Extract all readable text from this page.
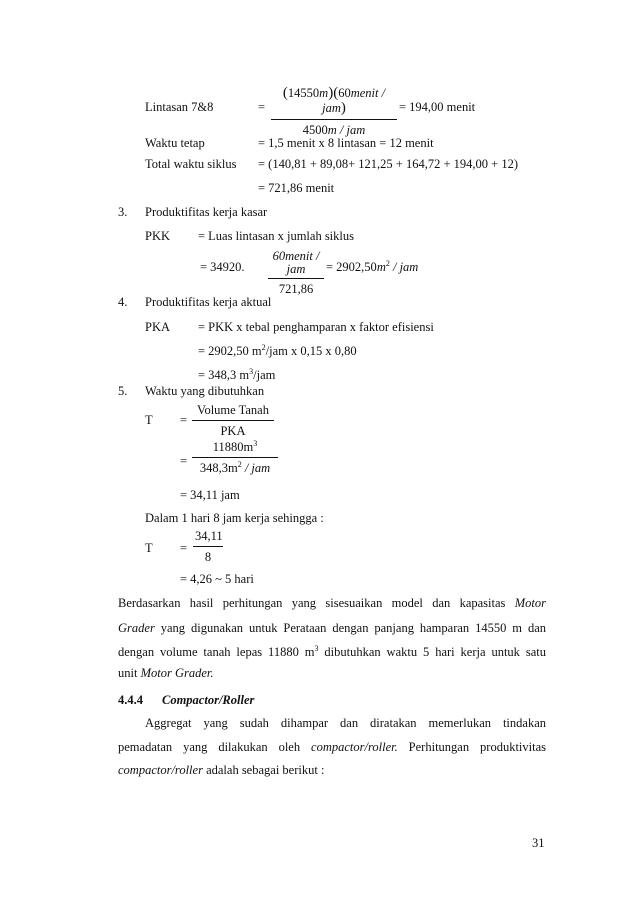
Lintasan 7&8	=
(14550m)(60menit / jam)
4500m / jam
= 194,00 menit
Waktu tetap	= 1,5 menit x 8 lintasan = 12 menit
Total waktu siklus = (140,81 + 89,08+ 121,25 + 164,72 + 194,00 + 12)
= 721,86 menit
3. Produktifitas kerja kasar
PKK = Luas lintasan x jumlah siklus
= 34920.
60menit / jam
721,86
= $2902,50m^2$ / jam
4. Produktifitas kerja aktual
PKA = PKK x tebal penghamparan x faktor efisiensi
= 2902,50 $m^2$/jam x 0,15 x 0,80
= 348,3 $m^3$/jam
5. Waktu yang dibutuhkan
T =
Volume Tanah
PKA
=
$11880m^3$
$348,3m^2$ / jam
= 34,11 jam
Dalam 1 hari 8 jam kerja sehingga :
T =
34,11
8
= 4,26 ~ 5 hari
Berdasarkan hasil perhitungan yang sisesuaikan model dan kapasitas Motor
Grader yang digunakan untuk Perataan dengan panjang hamparan 14550 m dan
dengan volume tanah lepas 11880 $m^3$ dibutuhkan waktu 5 hari kerja untuk satu
unit Motor Grader.
4.4.4 Compactor/Roller
Aggregat yang sudah dihampar dan diratakan memerlukan tindakan
pemadatan yang dilakukan oleh compactor/roller. Perhitungan produktivitas
compactor/roller adalah sebagai berikut :
31
